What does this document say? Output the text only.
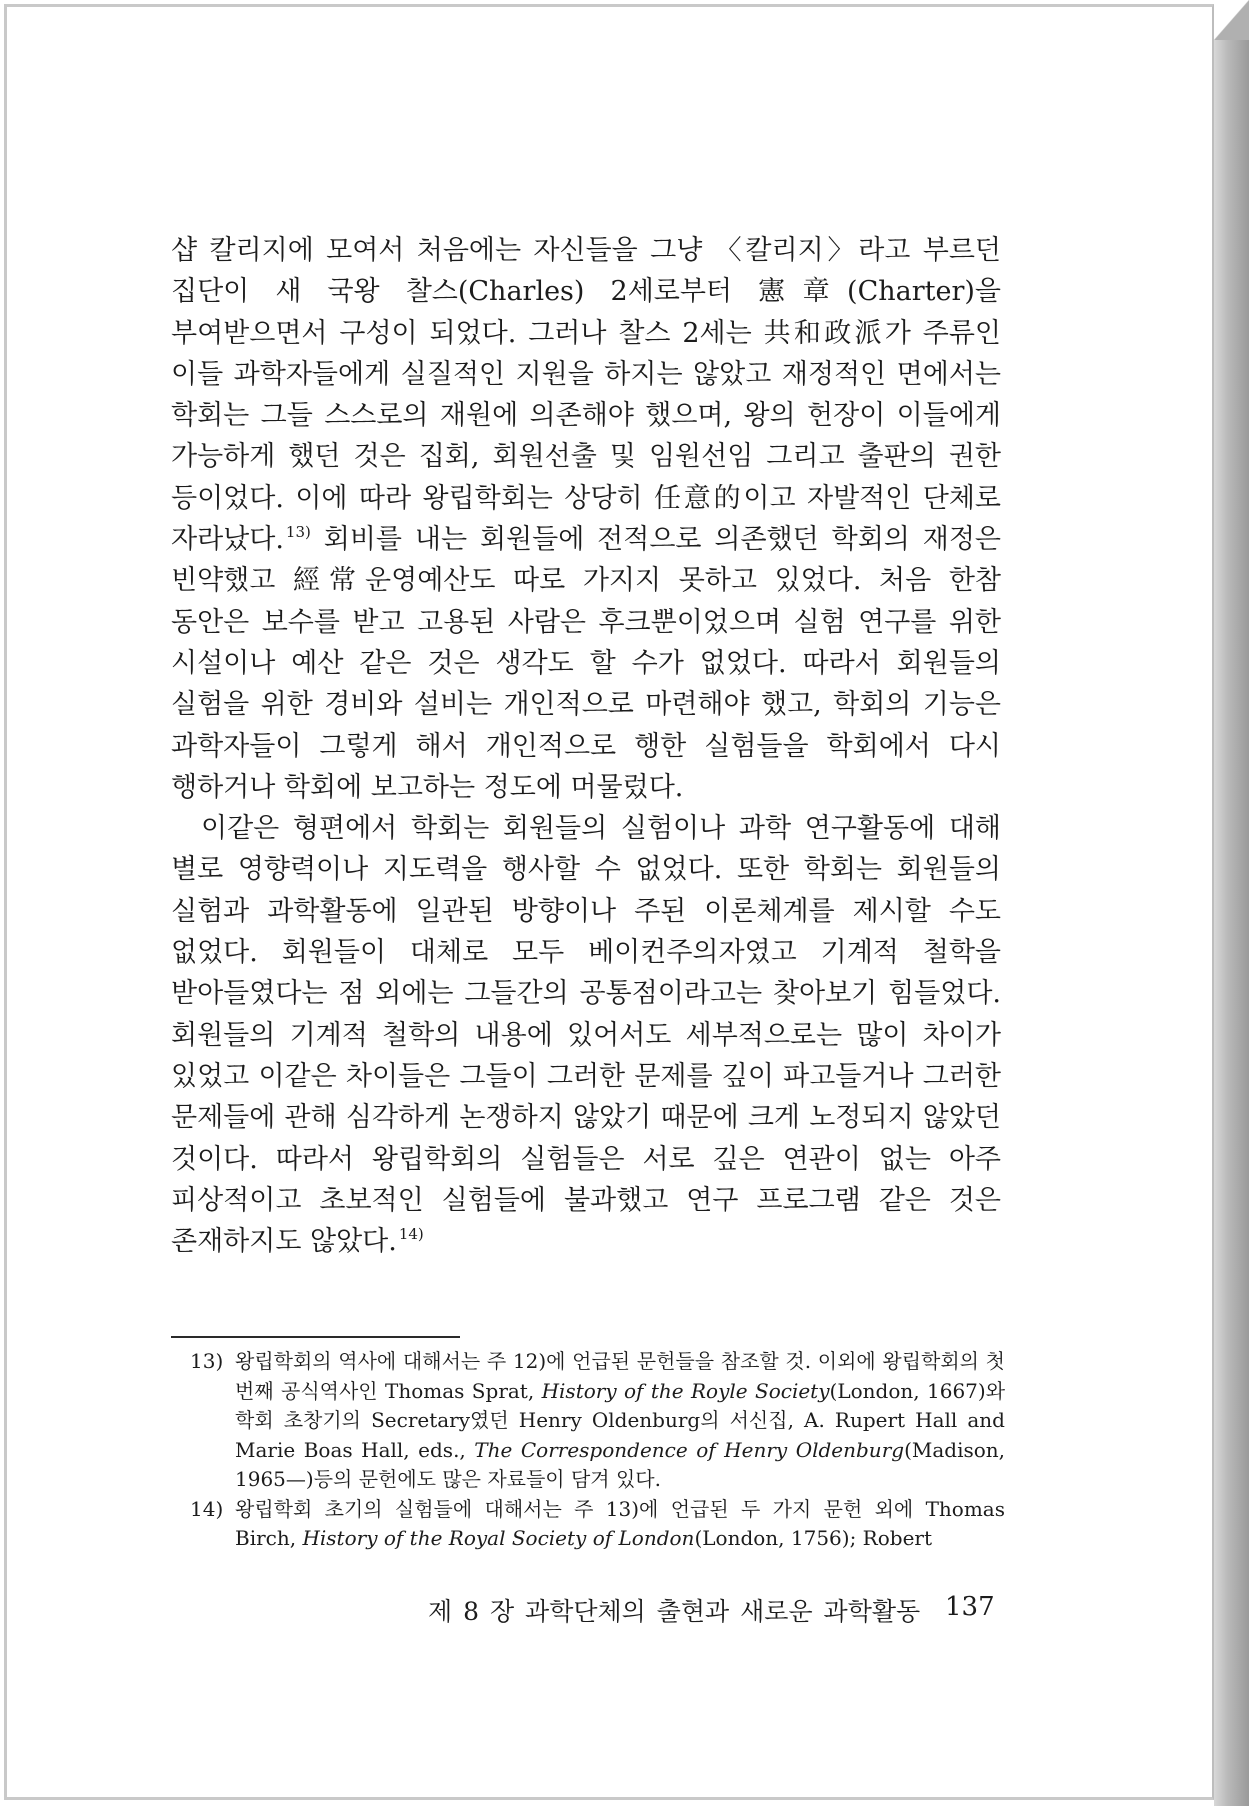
샵 칼리지에 모여서 처음에는 자신들을 그냥 〈칼리지〉라고 부르던 집단이 새 국왕 찰스(Charles) 2세로부터 憲章(Charter)을 부여받으면서 구성이 되었다. 그러나 찰스 2세는 共和政派가 주류인 이들 과학자들에게 실질적인 지원을 하지는 않았고 재정적인 면에서는 학회는 그들 스스로의 재원에 의존해야 했으며, 왕의 헌장이 이들에게 가능하게 했던 것은 집회, 회원선출 및 임원선임 그리고 출판의 권한 등이었다. 이에 따라 왕립학회는 상당히 任意的이고 자발적인 단체로 자라났다. $^{13)}$ 회비를 내는 회원들에 전적으로 의존했던 학회의 재정은 빈약했고 經常운영예산도 따로 가지지 못하고 있었다. 처음 한참 동안은 보수를 받고 고용된 사람은 후크뿐이었으며 실험 연구를 위한 시설이나 예산 같은 것은 생각도 할 수가 없었다. 따라서 회원들의 실험을 위한 경비와 설비는 개인적으로 마련해야 했고, 학회의 기능은 과학자들이 그렇게 해서 개인적으로 행한 실험들을 학회에서 다시 행하거나 학회에 보고하는 정도에 머물렀다.

이같은 형편에서 학회는 회원들의 실험이나 과학 연구활동에 대해 별로 영향력이나 지도력을 행사할 수 없었다. 또한 학회는 회원들의 실험과 과학활동에 일관된 방향이나 주된 이론체계를 제시할 수도 없었다. 회원들이 대체로 모두 베이컨주의자였고 기계적 철학을 받아들였다는 점 외에는 그들간의 공통점이라고는 찾아보기 힘들었다. 회원들의 기계적 철학의 내용에 있어서도 세부적으로는 많이 차이가 있었고 이같은 차이들은 그들이 그러한 문제를 깊이 파고들거나 그러한 문제들에 관해 심각하게 논쟁하지 않았기 때문에 크게 노정되지 않았던 것이다. 따라서 왕립학회의 실험들은 서로 깊은 연관이 없는 아주 피상적이고 초보적인 실험들에 불과했고 연구 프로그램 같은 것은 존재하지도 않았다. $^{14)}$

13) 왕립학회의 역사에 대해서는 주 12)에 언급된 문헌들을 참조할 것. 이외에 왕립학회의 첫번째 공식역사인 Thomas Sprat, History of the Royle Society(London, 1667)와 학회 초창기의 Secretary였던 Henry Oldenburg의 서신집, A. Rupert Hall and Marie Boas Hall, eds., The Correspondence of Henry Oldenburg(Madison, 1965—)등의 문헌에도 많은 자료들이 담겨 있다.
14) 왕립학회 초기의 실험들에 대해서는 주 13)에 언급된 두 가지 문헌 외에 Thomas Birch, History of the Royal Society of London(London, 1756); Robert
제 8 장 과학단체의 출현과 새로운 과학활동 137
